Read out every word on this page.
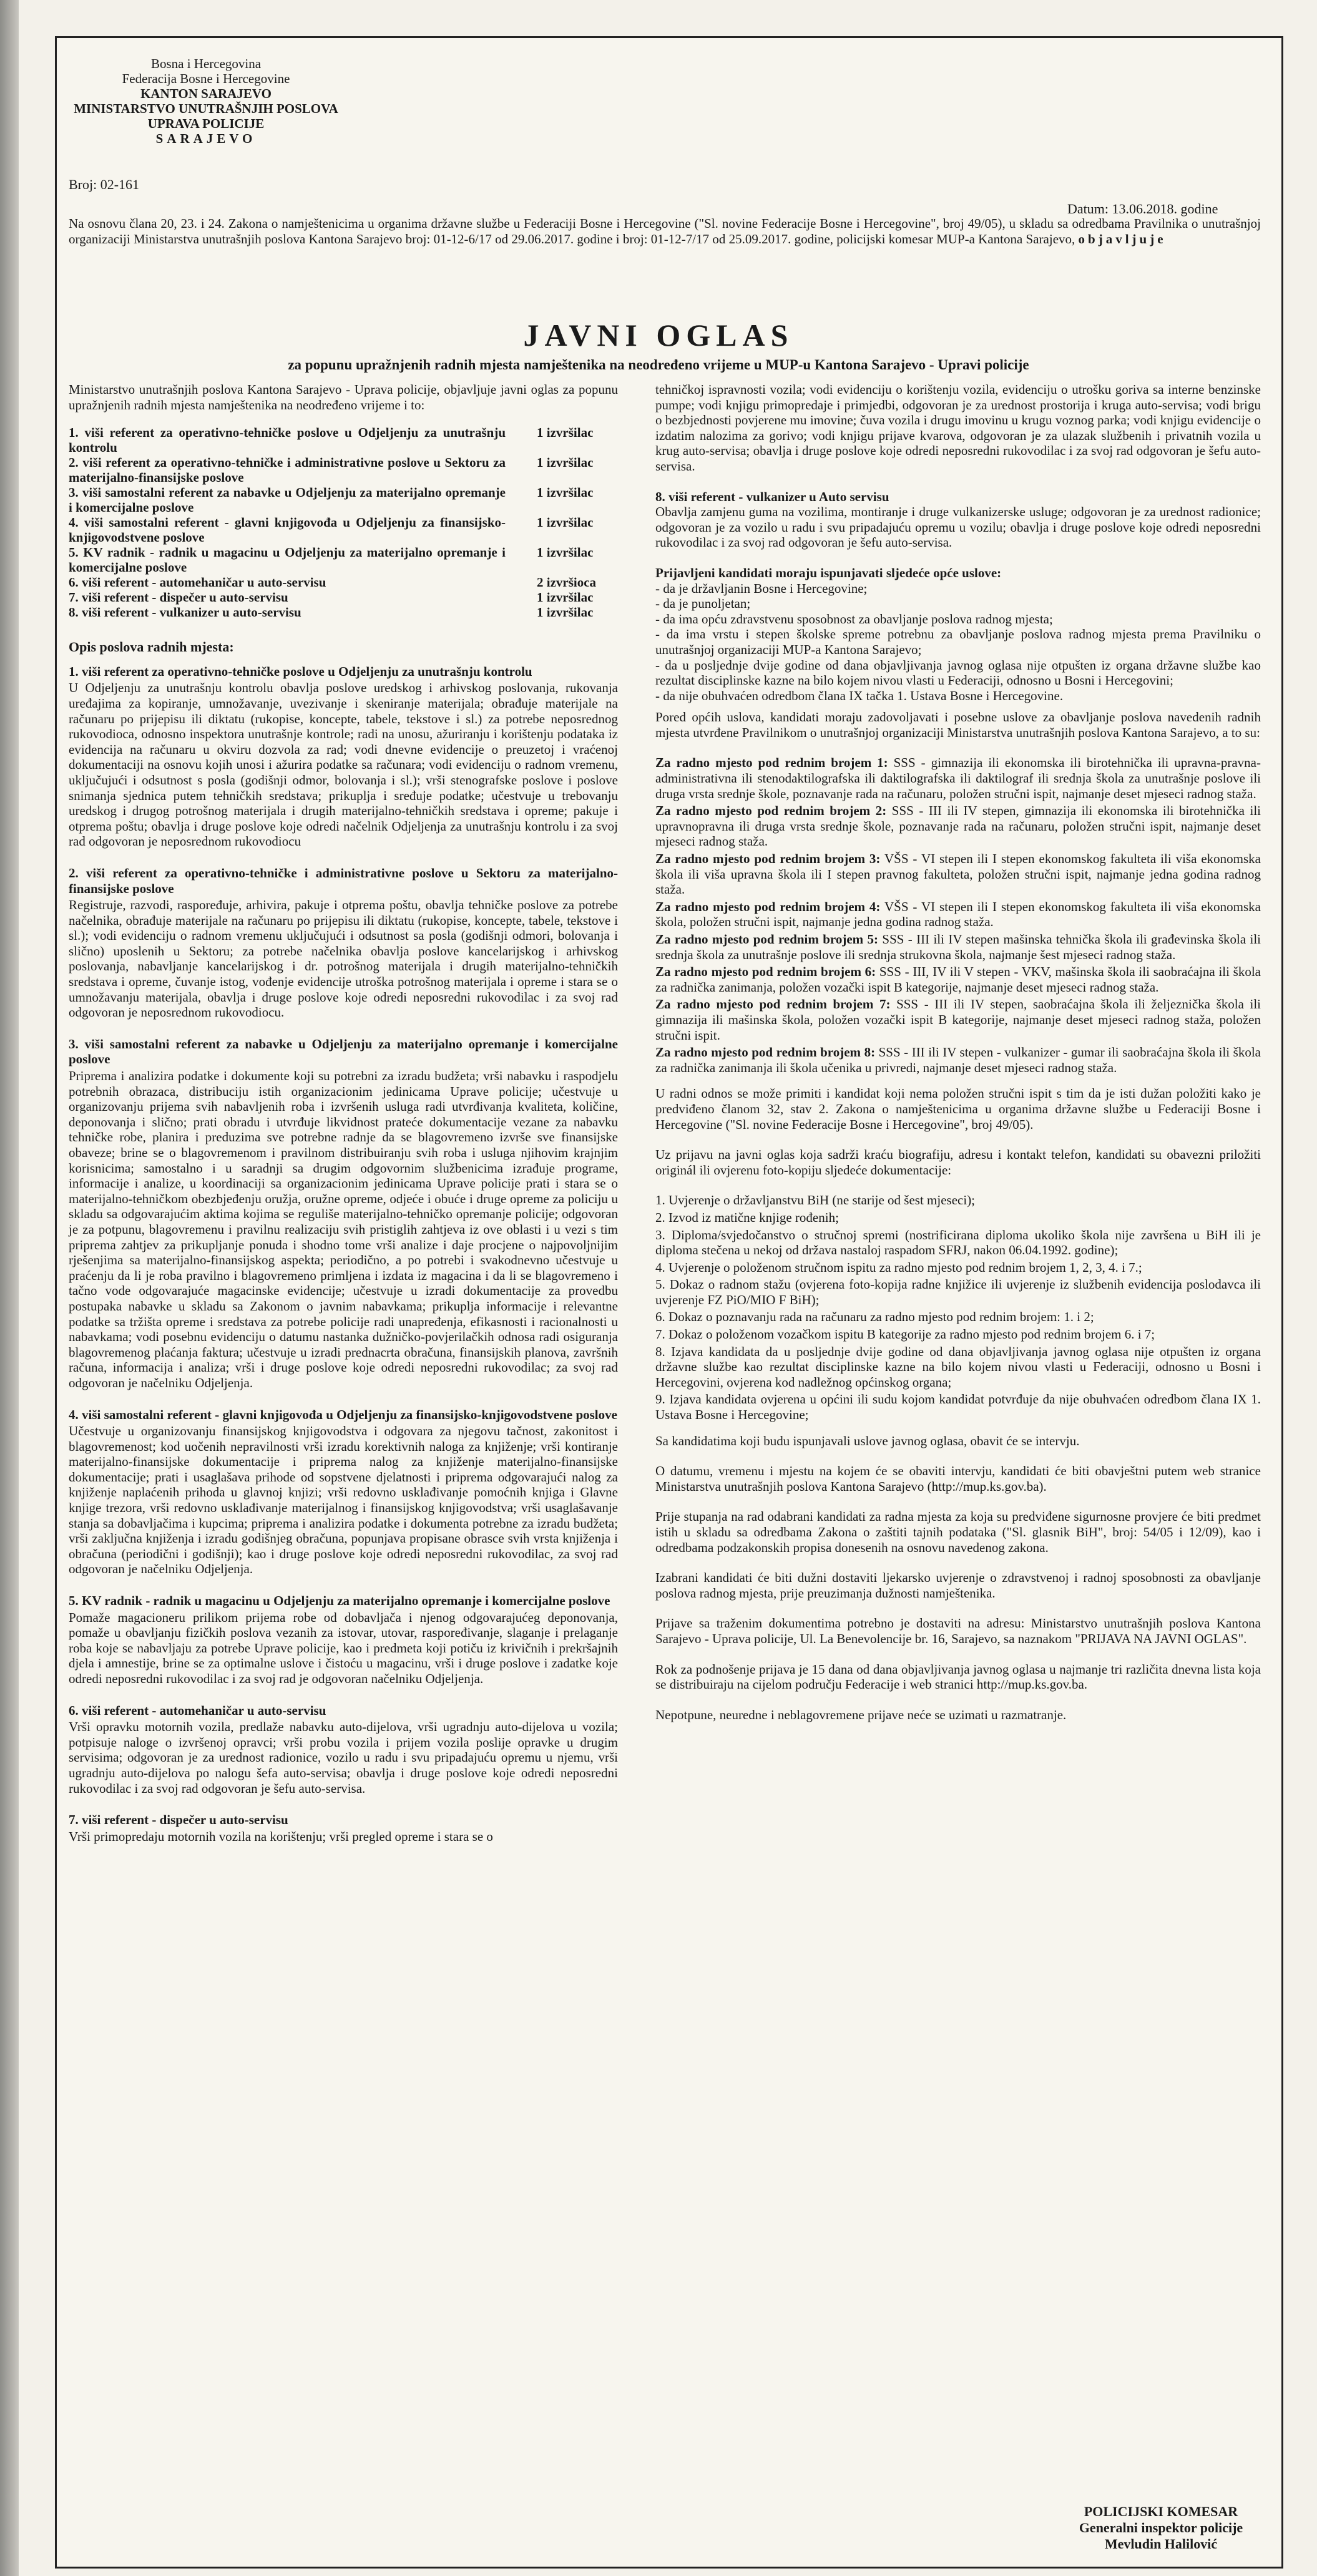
Bosna i Hercegovina
Federacija Bosne i Hercegovine
KANTON SARAJEVO
MINISTARSTVO UNUTRAŠNJIH POSLOVA
UPRAVA POLICIJE
SARAJEVO
Broj: 02-161
Datum: 13.06.2018. godine
Na osnovu člana 20, 23. i 24. Zakona o namještenicima u organima državne službe u Federaciji Bosne i Hercegovine ("Sl. novine Federacije Bosne i Hercegovine", broj 49/05), u skladu sa odredbama Pravilnika o unutrašnjoj organizaciji Ministarstva unutrašnjih poslova Kantona Sarajevo broj: 01-12-6/17 od 29.06.2017. godine i broj: 01-12-7/17 od 25.09.2017. godine, policijski komesar MUP-a Kantona Sarajevo, objavljuje
JAVNI OGLAS
za popunu upražnjenih radnih mjesta namještenika na neodređeno vrijeme u MUP-u Kantona Sarajevo - Upravi policije

Ministarstvo unutrašnjih poslova Kantona Sarajevo - Uprava policije, objavljuje javni oglas za popunu upražnjenih radnih mjesta namještenika na neodređeno vrijeme i to:

1. viši referent za operativno-tehničke poslove u Odjeljenju za unutrašnju kontrolu
1 izvršilac
2. viši referent za operativno-tehničke i administrativne poslove u Sektoru za materijalno-finansijske poslove
1 izvršilac
3. viši samostalni referent za nabavke u Odjeljenju za materijalno opremanje i komercijalne poslove
1 izvršilac
4. viši samostalni referent - glavni knjigovođa u Odjeljenju za finansijsko-knjigovodstvene poslove
1 izvršilac
5. KV radnik - radnik u magacinu u Odjeljenju za materijalno opremanje i komercijalne poslove
1 izvršilac
6. viši referent - automehaničar u auto-servisu	2 izvršioca
7. viši referent - dispečer u auto-servisu	1 izvršilac
8. viši referent - vulkanizer u auto-servisu	1 izvršilac

Opis poslova radnih mjesta:

1. viši referent za operativno-tehničke poslove u Odjeljenju za unutrašnju kontrolu

U Odjeljenju za unutrašnju kontrolu obavlja poslove uredskog i arhivskog poslovanja, rukovanja uređajima za kopiranje, umnožavanje, uvezivanje i skeniranje materijala; obrađuje materijale na računaru po prijepisu ili diktatu (rukopise, koncepte, tabele, tekstove i sl.) za potrebe neposrednog rukovodioca, odnosno inspektora unutrašnje kontrole; radi na unosu, ažuriranju i korištenju podataka iz evidencija na računaru u okviru dozvola za rad; vodi dnevne evidencije o preuzetoj i vraćenoj dokumentaciji na osnovu kojih unosi i ažurira podatke sa računara; vodi evidenciju o radnom vremenu, uključujući i odsutnost s posla (godišnji odmor, bolovanja i sl.); vrši stenografske poslove i poslove snimanja sjednica putem tehničkih sredstava; prikuplja i sređuje podatke; učestvuje u trebovanju uredskog i drugog potrošnog materijala i drugih materijalno-tehničkih sredstava i opreme; pakuje i otprema poštu; obavlja i druge poslove koje odredi načelnik Odjeljenja za unutrašnju kontrolu i za svoj rad odgovoran je neposrednom rukovodiocu

2. viši referent za operativno-tehničke i administrativne poslove u Sektoru za materijalno-finansijske poslove

Registruje, razvodi, raspoređuje, arhivira, pakuje i otprema poštu, obavlja tehničke poslove za potrebe načelnika, obrađuje materijale na računaru po prijepisu ili diktatu (rukopise, koncepte, tabele, tekstove i sl.); vodi evidenciju o radnom vremenu uključujući i odsutnost sa posla (godišnji odmori, bolovanja i slično) uposlenih u Sektoru; za potrebe načelnika obavlja poslove kancelarijskog i arhivskog poslovanja, nabavljanje kancelarijskog i dr. potrošnog materijala i drugih materijalno-tehničkih sredstava i opreme, čuvanje istog, vođenje evidencije utroška potrošnog materijala i opreme i stara se o umnožavanju materijala, obavlja i druge poslove koje odredi neposredni rukovodilac i za svoj rad odgovoran je neposrednom rukovodiocu.

3. viši samostalni referent za nabavke u Odjeljenju za materijalno opremanje i komercijalne poslove

Priprema i analizira podatke i dokumente koji su potrebni za izradu budžeta; vrši nabavku i raspodjelu potrebnih obrazaca, distribuciju istih organizacionim jedinicama Uprave policije; učestvuje u organizovanju prijema svih nabavljenih roba i izvršenih usluga radi utvrđivanja kvaliteta, količine, deponovanja i slično; prati obradu i utvrđuje likvidnost pratećе dokumentacije vezane za nabavku tehničke robe, planira i preduzima sve potrebne radnje da se blagovremeno izvrše sve finansijske obaveze; brine se o blagovremenom i pravilnom distribuiranju svih roba i usluga njihovim krajnjim korisnicima; samostalno i u saradnji sa drugim odgovornim službenicima izrađuje programe, informacije i analize, u koordinaciji sa organizacionim jedinicama Uprave policije prati i stara se o materijalno-tehničkom obezbjeđenju oružja, oružne opreme, odjeće i obuće i druge opreme za policiju u skladu sa odgovarajućim aktima kojima se reguliše materijalno-tehničko opremanje policije; odgovoran je za potpunu, blagovremenu i pravilnu realizaciju svih pristiglih zahtjeva iz ove oblasti i u vezi s tim priprema zahtjev za prikupljanje ponuda i shodno tome vrši analize i daje procjene o najpovoljnijim rješenjima sa materijalno-finansijskog aspekta; periodično, a po potrebi i svakodnevno učestvuje u praćenju da li je roba pravilno i blagovremeno primljena i izdata iz magacina i da li se blagovremeno i tačno vode odgovarajuće magacinske evidencije; učestvuje u izradi dokumentacije za provedbu postupaka nabavke u skladu sa Zakonom o javnim nabavkama; prikuplja informacije i relevantne podatke sa tržišta opreme i sredstava za potrebe policije radi unapređenja, efikasnosti i racionalnosti u nabavkama; vodi posebnu evidenciju o datumu nastanka dužničko-povjerilačkih odnosa radi osiguranja blagovremenog plaćanja faktura; učestvuje u izradi prednacrta obračuna, finansijskih planova, završnih računa, informacija i analiza; vrši i druge poslove koje odredi neposredni rukovodilac; za svoj rad odgovoran je načelniku Odjeljenja.

4. viši samostalni referent - glavni knjigovođa u Odjeljenju za finansijsko-knjigovodstvene poslove

Učestvuje u organizovanju finansijskog knjigovodstva i odgovara za njegovu tačnost, zakonitost i blagovremenost; kod uočenih nepravilnosti vrši izradu korektivnih naloga za knjiženje; vrši kontiranje materijalno-finansijske dokumentacije i priprema nalog za knjiženje materijalno-finansijske dokumentacije; prati i usaglašava prihode od sopstvene djelatnosti i priprema odgovarajući nalog za knjiženje naplaćenih prihoda u glavnoj knjizi; vrši redovno usklađivanje pomoćnih knjiga i Glavne knjige trezora, vrši redovno usklađivanje materijalnog i finansijskog knjigovodstva; vrši usaglašavanje stanja sa dobavljačima i kupcima; priprema i analizira podatke i dokumenta potrebne za izradu budžeta; vrši zaključna knjiženja i izradu godišnjeg obračuna, popunjava propisane obrasce svih vrsta knjiženja i obračuna (periodični i godišnji); kao i druge poslove koje odredi neposredni rukovodilac, za svoj rad odgovoran je načelniku Odjeljenja.

5. KV radnik - radnik u magacinu u Odjeljenju za materijalno opremanje i komercijalne poslove

Pomaže magacioneru prilikom prijema robe od dobavljača i njenog odgovarajućeg deponovanja, pomaže u obavljanju fizičkih poslova vezanih za istovar, utovar, raspoređivanje, slaganje i prelaganje roba koje se nabavljaju za potrebe Uprave policije, kao i predmeta koji potiču iz krivičnih i prekršajnih djela i amnestije, brine se za optimalne uslove i čistoću u magacinu, vrši i druge poslove i zadatke koje odredi neposredni rukovodilac i za svoj rad je odgovoran načelniku Odjeljenja.

6. viši referent - automehaničar u auto-servisu

Vrši opravku motornih vozila, predlaže nabavku auto-dijelova, vrši ugradnju auto-dijelova u vozila; potpisuje naloge o izvršenoj opravci; vrši probu vozila i prijem vozila poslije opravke u drugim servisima; odgovoran je za urednost radionice, vozilo u radu i svu pripadajuću opremu u njemu, vrši ugradnju auto-dijelova po nalogu šefa auto-servisa; obavlja i druge poslove koje odredi neposredni rukovodilac i za svoj rad odgovoran je šefu auto-servisa.

7. viši referent - dispečer u auto-servisu

Vrši primopredaju motornih vozila na korištenju; vrši pregled opreme i stara se o

tehničkoj ispravnosti vozila; vodi evidenciju o korištenju vozila, evidenciju o utrošku goriva sa interne benzinske pumpe; vodi knjigu primopredaje i primjedbi, odgovoran je za urednost prostorija i kruga auto-servisa; vodi brigu o bezbjednosti povjerene mu imovine; čuva vozila i drugu imovinu u krugu voznog parka; vodi knjigu evidencije o izdatim nalozima za gorivo; vodi knjigu prijave kvarova, odgovoran je za ulazak službenih i privatnih vozila u krug auto-servisa; obavlja i druge poslove koje odredi neposredni rukovodilac i za svoj rad odgovoran je šefu auto-servisa.

8. viši referent - vulkanizer u Auto servisu

Obavlja zamjenu guma na vozilima, montiranje i druge vulkanizerske usluge; odgovoran je za urednost radionice; odgovoran je za vozilo u radu i svu pripadajuću opremu u vozilu; obavlja i druge poslove koje odredi neposredni rukovodilac i za svoj rad odgovoran je šefu auto-servisa.

Prijavljeni kandidati moraju ispunjavati sljedeće opće uslove:

- da je državljanin Bosne i Hercegovine;

- da je punoljetan;

- da ima opću zdravstvenu sposobnost za obavljanje poslova radnog mjesta;

- da ima vrstu i stepen školske spreme potrebnu za obavljanje poslova radnog mjesta prema Pravilniku o unutrašnjoj organizaciji MUP-a Kantona Sarajevo;

- da u posljednje dvije godine od dana objavljivanja javnog oglasa nije otpušten iz organa državne službe kao rezultat disciplinske kazne na bilo kojem nivou vlasti u Federaciji, odnosno u Bosni i Hercegovini;

- da nije obuhvaćen odredbom člana IX tačka 1. Ustava Bosne i Hercegovine.

Pored općih uslova, kandidati moraju zadovoljavati i posebne uslove za obavljanje poslova navedenih radnih mjesta utvrđene Pravilnikom o unutrašnjoj organizaciji Ministarstva unutrašnjih poslova Kantona Sarajevo, a to su:

Za radno mjesto pod rednim brojem 1: SSS - gimnazija ili ekonomska ili birotehnička ili upravna-pravna-administrativna ili stenodaktilografska ili daktilografska ili daktilograf ili srednja škola za unutrašnje poslove ili druga vrsta srednje škole, poznavanje rada na računaru, položen stručni ispit, najmanje deset mjeseci radnog staža.

Za radno mjesto pod rednim brojem 2: SSS - III ili IV stepen, gimnazija ili ekonomska ili birotehnička ili upravnopravna ili druga vrsta srednje škole, poznavanje rada na računaru, položen stručni ispit, najmanje deset mjeseci radnog staža.

Za radno mjesto pod rednim brojem 3: VŠS - VI stepen ili I stepen ekonomskog fakulteta ili viša ekonomska škola ili viša upravna škola ili I stepen pravnog fakulteta, položen stručni ispit, najmanje jedna godina radnog staža.

Za radno mjesto pod rednim brojem 4: VŠS - VI stepen ili I stepen ekonomskog fakulteta ili viša ekonomska škola, položen stručni ispit, najmanje jedna godina radnog staža.

Za radno mjesto pod rednim brojem 5: SSS - III ili IV stepen mašinska tehnička škola ili građevinska škola ili srednja škola za unutrašnje poslove ili srednja strukovna škola, najmanje šest mjeseci radnog staža.

Za radno mjesto pod rednim brojem 6: SSS - III, IV ili V stepen - VKV, mašinska škola ili saobraćajna ili škola za radnička zanimanja, položen vozački ispit B kategorije, najmanje deset mjeseci radnog staža.

Za radno mjesto pod rednim brojem 7: SSS - III ili IV stepen, saobraćajna škola ili željeznička škola ili gimnazija ili mašinska škola, položen vozački ispit B kategorije, najmanje deset mjeseci radnog staža, položen stručni ispit.

Za radno mjesto pod rednim brojem 8: SSS - III ili IV stepen - vulkanizer - gumar ili saobraćajna škola ili škola za radnička zanimanja ili škola učenika u privredi, najmanje deset mjeseci radnog staža.

U radni odnos se može primiti i kandidat koji nema položen stručni ispit s tim da je isti dužan položiti kako je predviđeno članom 32, stav 2. Zakona o namještenicima u organima državne službe u Federaciji Bosne i Hercegovine ("Sl. novine Federacije Bosne i Hercegovine", broj 49/05).

Uz prijavu na javni oglas koja sadrži kraću biografiju, adresu i kontakt telefon, kandidati su obavezni priložiti originál ili ovjerenu foto-kopiju sljedeće dokumentacije:

1. Uvjerenje o državljanstvu BiH (ne starije od šest mjeseci);

2. Izvod iz matične knjige rođenih;

3. Diploma/svjedočanstvo o stručnoj spremi (nostrificirana diploma ukoliko škola nije završena u BiH ili je diploma stečena u nekoj od država nastaloj raspadom SFRJ, nakon 06.04.1992. godine);

4. Uvjerenje o položenom stručnom ispitu za radno mjesto pod rednim brojem 1, 2, 3, 4. i 7.;

5. Dokaz o radnom stažu (ovjerena foto-kopija radne knjižice ili uvjerenje iz službenih evidencija poslodavca ili uvjerenje FZ PiO/MIO F BiH);

6. Dokaz o poznavanju rada na računaru za radno mjesto pod rednim brojem: 1. i 2;

7. Dokaz o položenom vozačkom ispitu B kategorije za radno mjesto pod rednim brojem 6. i 7;

8. Izjava kandidata da u posljednje dvije godine od dana objavljivanja javnog oglasa nije otpušten iz organa državne službe kao rezultat disciplinske kazne na bilo kojem nivou vlasti u Federaciji, odnosno u Bosni i Hercegovini, ovjerena kod nadležnog općinskog organa;

9. Izjava kandidata ovjerena u općini ili sudu kojom kandidat potvrđuje da nije obuhvaćen odredbom člana IX 1. Ustava Bosne i Hercegovine;

Sa kandidatima koji budu ispunjavali uslove javnog oglasa, obavit će se intervju.

O datumu, vremenu i mjestu na kojem će se obaviti intervju, kandidati će biti obavještni putem web stranice Ministarstva unutrašnjih poslova Kantona Sarajevo (http://mup.ks.gov.ba).

Prije stupanja na rad odabrani kandidati za radna mjesta za koja su predviđene sigurnosne provjere će biti predmet istih u skladu sa odredbama Zakona o zaštiti tajnih podataka ("Sl. glasnik BiH", broj: 54/05 i 12/09), kao i odredbama podzakonskih propisa donesenih na osnovu navedenog zakona.

Izabrani kandidati će biti dužni dostaviti ljekarsko uvjerenje o zdravstvenoj i radnoj sposobnosti za obavljanje poslova radnog mjesta, prije preuzimanja dužnosti namještenika.

Prijave sa traženim dokumentima potrebno je dostaviti na adresu: Ministarstvo unutrašnjih poslova Kantona Sarajevo - Uprava policije, Ul. La Benevolencije br. 16, Sarajevo, sa naznakom "PRIJAVA NA JAVNI OGLAS".

Rok za podnošenje prijava je 15 dana od dana objavljivanja javnog oglasa u najmanje tri različita dnevna lista koja se distribuiraju na cijelom području Federacije i web stranici http://mup.ks.gov.ba.

Nepotpune, neuredne i neblagovremene prijave neće se uzimati u razmatranje.

POLICIJSKI KOMESAR
Generalni inspektor policije
Mevludin Halilović
